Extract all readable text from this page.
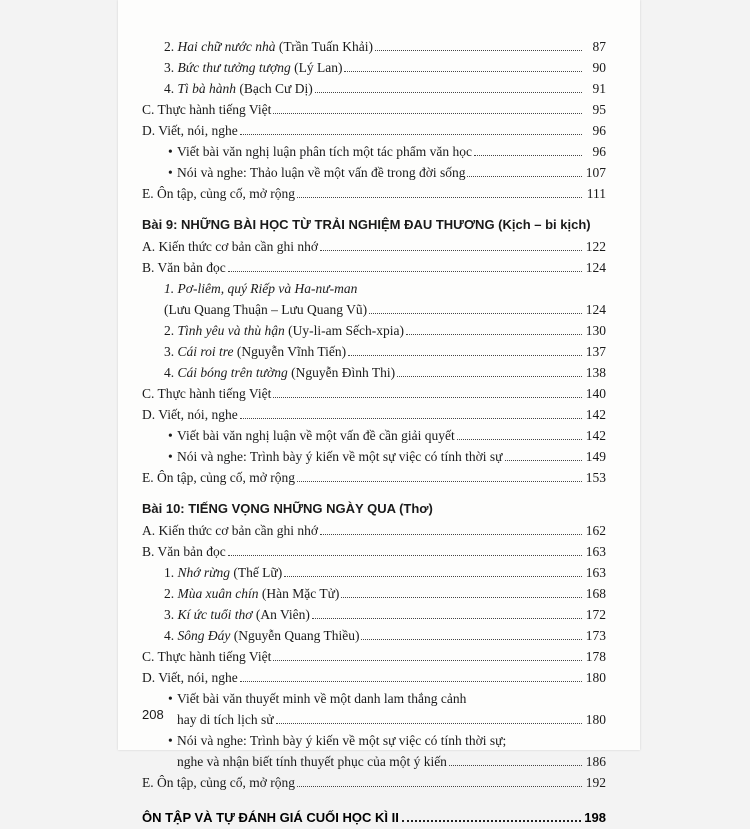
2. Hai chữ nước nhà (Trần Tuấn Khải)	87
3. Bức thư tưởng tượng (Lý Lan)	90
4. Tì bà hành (Bạch Cư Dị)	91
C. Thực hành tiếng Việt	95
D. Viết, nói, nghe	96
• Viết bài văn nghị luận phân tích một tác phẩm văn học	96
• Nói và nghe: Thảo luận về một vấn đề trong đời sống	107
E. Ôn tập, củng cố, mở rộng	111
Bài 9: NHỮNG BÀI HỌC TỪ TRẢI NGHIỆM ĐAU THƯƠNG (Kịch – bi kịch)
A. Kiến thức cơ bản cần ghi nhớ	122
B. Văn bản đọc	124
1. Pơ-liêm, quý Riếp và Ha-nư-man
(Lưu Quang Thuận – Lưu Quang Vũ)	124
2. Tình yêu và thù hận (Uy-li-am Sếch-xpia)	130
3. Cái roi tre (Nguyễn Vĩnh Tiến)	137
4. Cái bóng trên tường (Nguyễn Đình Thi)	138
C. Thực hành tiếng Việt	140
D. Viết, nói, nghe	142
• Viết bài văn nghị luận về một vấn đề cần giải quyết	142
• Nói và nghe: Trình bày ý kiến về một sự việc có tính thời sự	149
E. Ôn tập, củng cố, mở rộng	153
Bài 10: TIẾNG VỌNG NHỮNG NGÀY QUA (Thơ)
A. Kiến thức cơ bản cần ghi nhớ	162
B. Văn bản đọc	163
1. Nhớ rừng (Thế Lữ)	163
2. Mùa xuân chín (Hàn Mặc Tử)	168
3. Kí ức tuổi thơ (An Viên)	172
4. Sông Đáy (Nguyễn Quang Thiều)	173
C. Thực hành tiếng Việt	178
D. Viết, nói, nghe	180
• Viết bài văn thuyết minh về một danh lam thắng cảnh
hay di tích lịch sử	180
• Nói và nghe: Trình bày ý kiến về một sự việc có tính thời sự;
nghe và nhận biết tính thuyết phục của một ý kiến	186
E. Ôn tập, củng cố, mở rộng	192
ÔN TẬP VÀ TỰ ĐÁNH GIÁ CUỐI HỌC KÌ II	198
208
